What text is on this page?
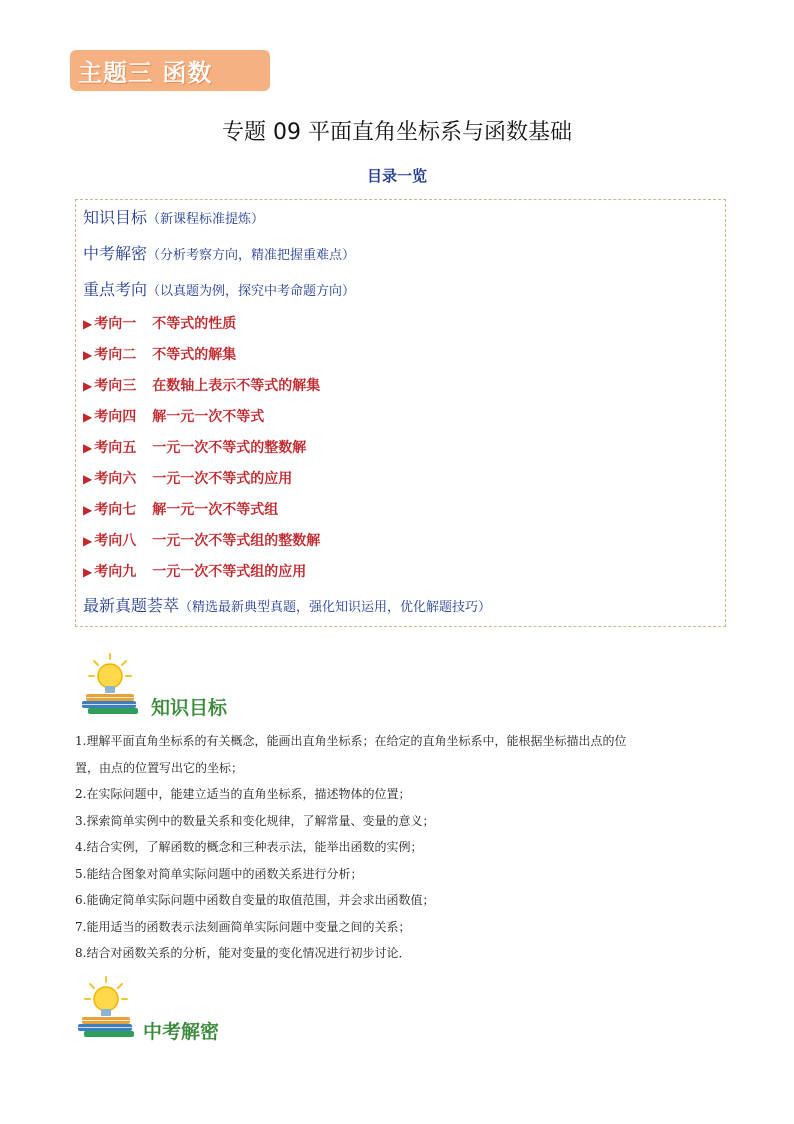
主题三 函数
专题 09 平面直角坐标系与函数基础
目录一览
知识目标（新课程标准提炼）
中考解密（分析考察方向，精准把握重难点）
重点考向（以真题为例，探究中考命题方向）
▶ 考向一 不等式的性质
▶ 考向二 不等式的解集
▶ 考向三 在数轴上表示不等式的解集
▶ 考向四 解一元一次不等式
▶ 考向五 一元一次不等式的整数解
▶ 考向六 一元一次不等式的应用
▶ 考向七 解一元一次不等式组
▶ 考向八 一元一次不等式组的整数解
▶ 考向九 一元一次不等式组的应用
最新真题荟萃（精选最新典型真题，强化知识运用，优化解题技巧）
知识目标
1.理解平面直角坐标系的有关概念，能画出直角坐标系；在给定的直角坐标系中，能根据坐标描出点的位
置，由点的位置写出它的坐标；
2.在实际问题中，能建立适当的直角坐标系，描述物体的位置；
3.探索简单实例中的数量关系和变化规律，了解常量、变量的意义；
4.结合实例，了解函数的概念和三种表示法，能举出函数的实例；
5.能结合图象对简单实际问题中的函数关系进行分析；
6.能确定简单实际问题中函数自变量的取值范围，并会求出函数值；
7.能用适当的函数表示法刻画简单实际问题中变量之间的关系；
8.结合对函数关系的分析，能对变量的变化情况进行初步讨论．
中考解密
